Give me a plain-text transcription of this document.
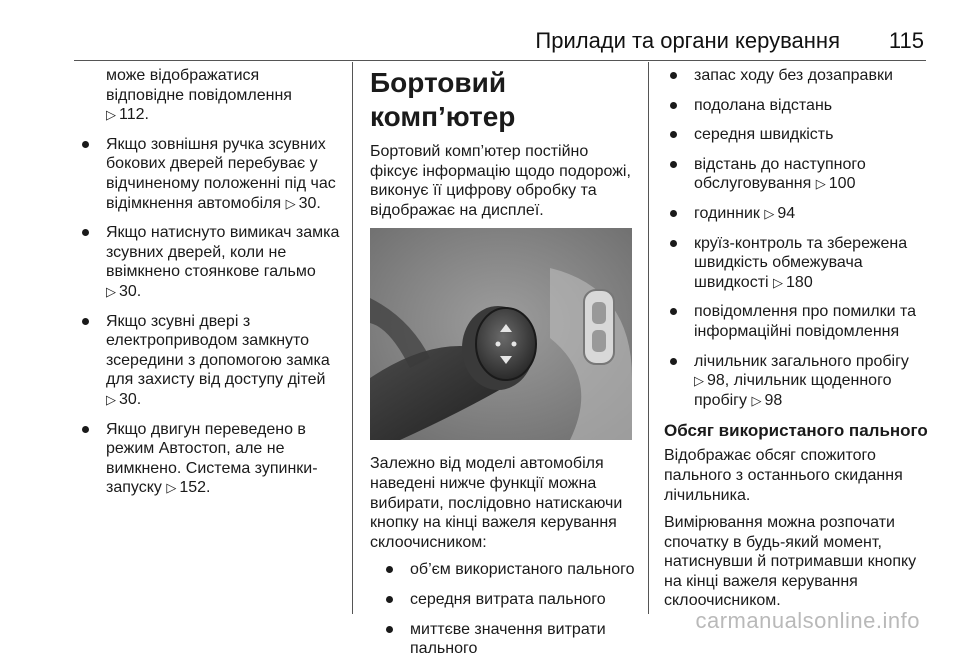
Прилади та органи керування 115

може відображатися

відповідне повідомлення

▷ 112.

Якщо зовнішня ручка зсувних

бокових дверей перебуває у

відчиненому положенні під час

відімкнення автомобіля ▷ 30.

Якщо натиснуто вимикач замка

зсувних дверей, коли не

ввімкнено стоянкове гальмо

▷ 30.

Якщо зсувні двері з

електроприводом замкнуто

зсередини з допомогою замка

для захисту від доступу дітей

▷ 30.

Якщо двигун переведено в

режим Автостоп, але не

вимкнено. Система зупинки-

запуску ▷ 152.

Бортовий комп’ютер

Бортовий комп’ютер постійно

фіксує інформацію щодо подорожі,

виконує її цифрову обробку та

відображає на дисплеї.

Залежно від моделі автомобіля

наведені нижче функції можна

вибирати, послідовно натискаючи

кнопку на кінці важеля керування

склоочисником:

об’єм використаного пального

середня витрата пального

миттєве значення витрати

пального

запас ходу без дозаправки

подолана відстань

середня швидкість

відстань до наступного

обслуговування ▷ 100

годинник ▷ 94

круїз-контроль та збережена

швидкість обмежувача

швидкості ▷ 180

повідомлення про помилки та

інформаційні повідомлення

лічильник загального пробігу

▷ 98, лічильник щоденного

пробігу ▷ 98

Обсяг використаного пального

Відображає обсяг спожитого

пального з останнього скидання

лічильника.

Вимірювання можна розпочати

спочатку в будь-який момент,

натиснувши й потримавши кнопку

на кінці важеля керування

склоочисником.

carmanualsonline.info
